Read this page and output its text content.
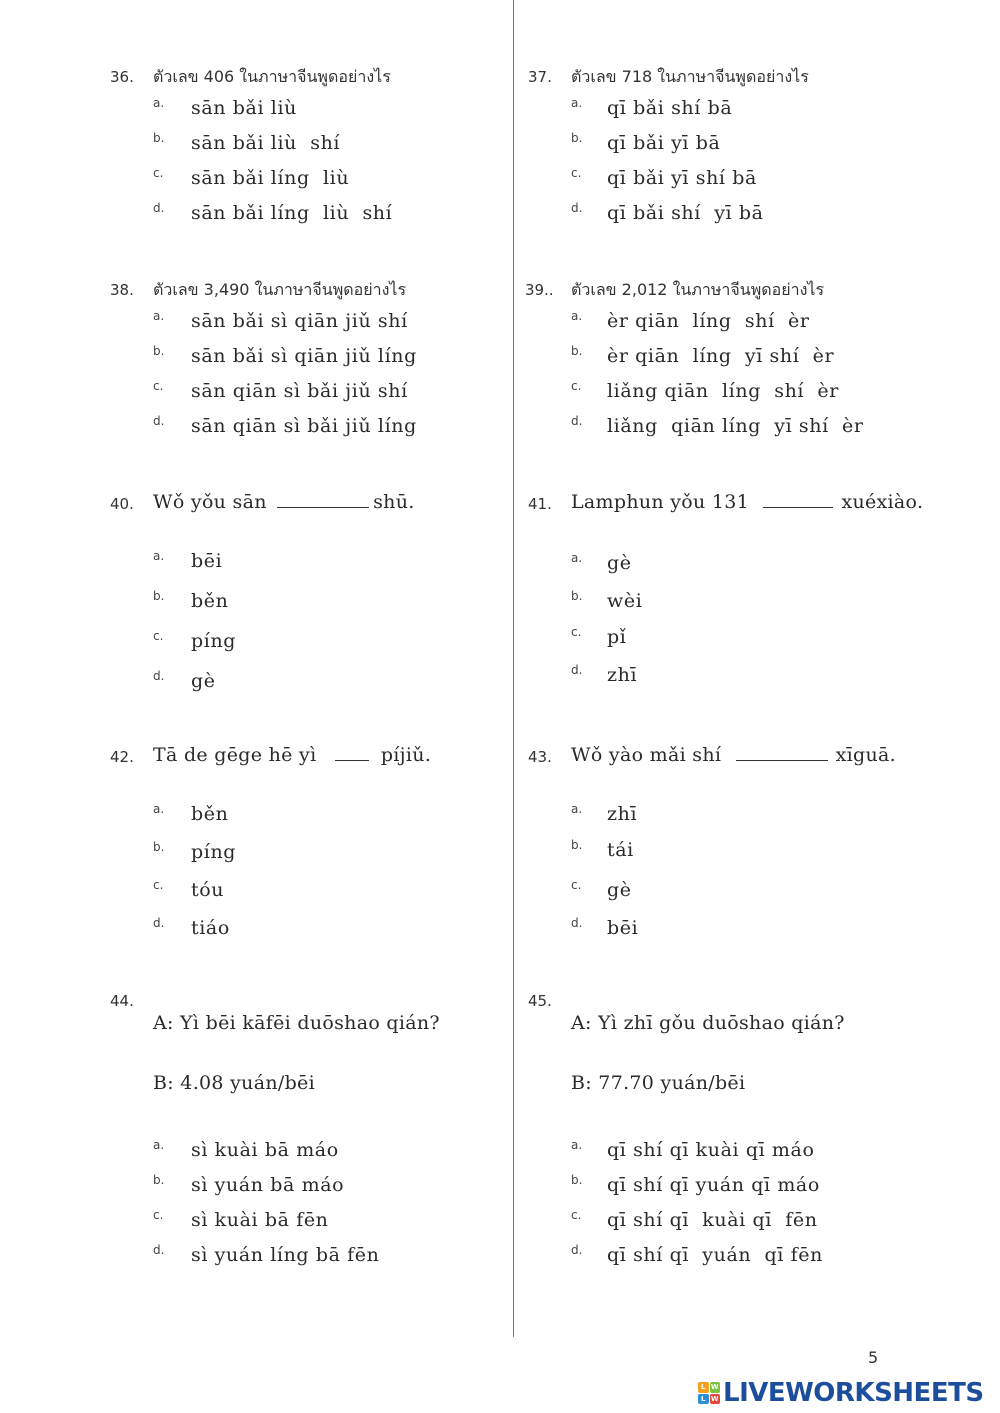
36. ตัวเลข 406 ในภาษาจีนพูดอย่างไร
a. sān bǎi liù
b. sān bǎi liù  shí
c. sān bǎi líng  liù
d. sān bǎi líng  liù  shí
38. ตัวเลข 3,490 ในภาษาจีนพูดอย่างไร
a. sān bǎi sì qiān jiǔ shí
b. sān bǎi sì qiān jiǔ líng
c. sān qiān sì bǎi jiǔ shí
d. sān qiān sì bǎi jiǔ líng
40. Wǒ yǒu sān	shū.
a. bēi
b. běn
c. píng
d. gè
42. Tā de gēge hē yì	píjiǔ.
a. běn
b. píng
c. tóu
d. tiáo
44.
A: Yì bēi kāfēi duōshao qián?
B: 4.08 yuán/bēi
a. sì kuài bā máo
b. sì yuán bā máo
c. sì kuài bā fēn
d. sì yuán líng bā fēn
37. ตัวเลข 718 ในภาษาจีนพูดอย่างไร
a. qī bǎi shí bā
b. qī bǎi yī bā
c. qī bǎi yī shí bā
d. qī bǎi shí  yī bā
39.. ตัวเลข 2,012 ในภาษาจีนพูดอย่างไร
a. èr qiān  líng  shí  èr
b. èr qiān  líng  yī shí  èr
c. liǎng qiān  líng  shí  èr
d. liǎng  qiān líng  yī shí  èr
41. Lamphun yǒu 131	xuéxiào.
a. gè
b. wèi
c. pǐ
d. zhī
43. Wǒ yào mǎi shí	xīguā.
a. zhī
b. tái
c. gè
d. bēi
45.
A: Yì zhī gǒu duōshao qián?
B: 77.70 yuán/bēi
a. qī shí qī kuài qī máo
b. qī shí qī yuán qī máo
c. qī shí qī  kuài qī  fēn
d. qī shí qī  yuán  qī fēn
5
L W
L W LIVEWORKSHEETS
